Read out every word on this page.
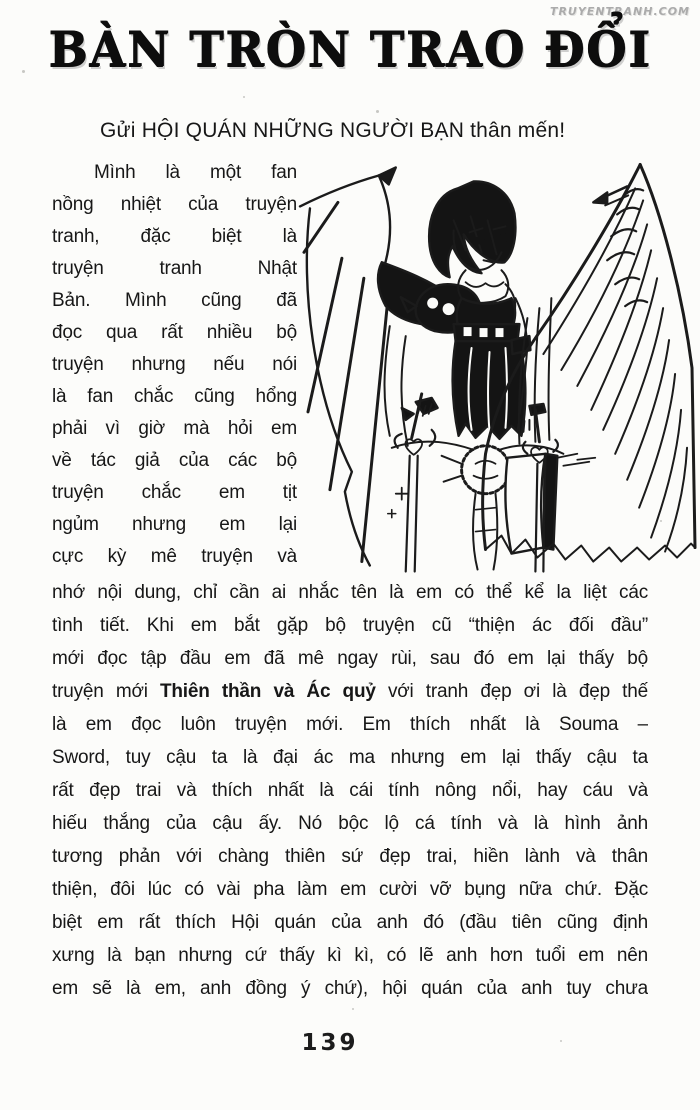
TRUYENTRANH.COM
BÀN TRÒN TRAO ĐỔI
Gửi HỘI QUÁN NHỮNG NGƯỜI BẠN thân mến!
Mình là một fan
nồng nhiệt của truyện
tranh, đặc biệt là
truyện tranh Nhật
Bản. Mình cũng đã
đọc qua rất nhiều bộ
truyện nhưng nếu nói
là fan chắc cũng hổng
phải vì giờ mà hỏi em
về tác giả của các bộ
truyện chắc em tịt
ngủm nhưng em lại
cực kỳ mê truyện và
nhớ nội dung, chỉ cần ai nhắc tên là em có thể kể la liệt các
tình tiết. Khi em bắt gặp bộ truyện cũ “thiện ác đối đầu”
mới đọc tập đầu em đã mê ngay rùi, sau đó em lại thấy bộ
truyện mới Thiên thần và Ác quỷ với tranh đẹp ơi là đẹp thế
là em đọc luôn truyện mới. Em thích nhất là Souma –
Sword, tuy cậu ta là đại ác ma nhưng em lại thấy cậu ta
rất đẹp trai và thích nhất là cái tính nông nổi, hay cáu và
hiếu thắng của cậu ấy. Nó bộc lộ cá tính và là hình ảnh
tương phản với chàng thiên sứ đẹp trai, hiền lành và thân
thiện, đôi lúc có vài pha làm em cười vỡ bụng nữa chứ. Đặc
biệt em rất thích Hội quán của anh đó (đầu tiên cũng định
xưng là bạn nhưng cứ thấy kì kì, có lẽ anh hơn tuổi em nên
em sẽ là em, anh đồng ý chứ), hội quán của anh tuy chưa
139
